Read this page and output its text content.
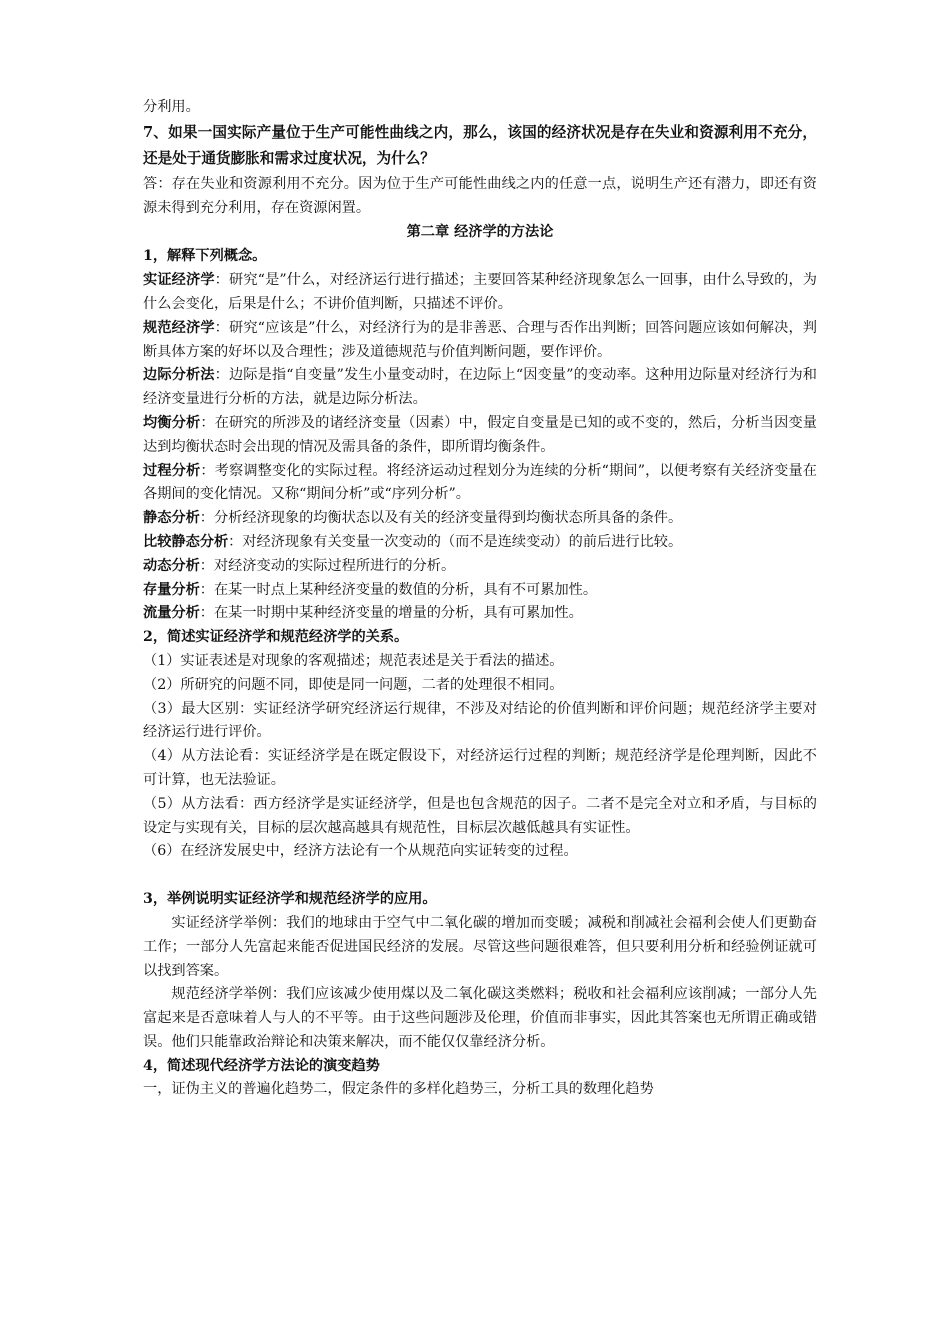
分利用。

7、如果一国实际产量位于生产可能性曲线之内，那么，该国的经济状况是存在失业和资源利用不充分，还是处于通货膨胀和需求过度状况，为什么？

答：存在失业和资源利用不充分。因为位于生产可能性曲线之内的任意一点，说明生产还有潜力，即还有资源未得到充分利用，存在资源闲置。

第二章 经济学的方法论

1，解释下列概念。

实证经济学：研究“是”什么，对经济运行进行描述；主要回答某种经济现象怎么一回事，由什么导致的，为什么会变化，后果是什么；不讲价值判断，只描述不评价。

规范经济学：研究“应该是”什么，对经济行为的是非善恶、合理与否作出判断；回答问题应该如何解决，判断具体方案的好坏以及合理性；涉及道德规范与价值判断问题，要作评价。

边际分析法：边际是指“自变量”发生小量变动时，在边际上“因变量”的变动率。这种用边际量对经济行为和经济变量进行分析的方法，就是边际分析法。

均衡分析：在研究的所涉及的诸经济变量（因素）中，假定自变量是已知的或不变的，然后，分析当因变量达到均衡状态时会出现的情况及需具备的条件，即所谓均衡条件。

过程分析：考察调整变化的实际过程。将经济运动过程划分为连续的分析“期间”，以便考察有关经济变量在各期间的变化情况。又称“期间分析”或“序列分析”。

静态分析：分析经济现象的均衡状态以及有关的经济变量得到均衡状态所具备的条件。

比较静态分析：对经济现象有关变量一次变动的（而不是连续变动）的前后进行比较。

动态分析：对经济变动的实际过程所进行的分析。

存量分析：在某一时点上某种经济变量的数值的分析，具有不可累加性。

流量分析：在某一时期中某种经济变量的增量的分析，具有可累加性。

2，简述实证经济学和规范经济学的关系。

（1）实证表述是对现象的客观描述；规范表述是关于看法的描述。

（2）所研究的问题不同，即使是同一问题，二者的处理很不相同。

（3）最大区别：实证经济学研究经济运行规律，不涉及对结论的价值判断和评价问题；规范经济学主要对经济运行进行评价。

（4）从方法论看：实证经济学是在既定假设下，对经济运行过程的判断；规范经济学是伦理判断，因此不可计算，也无法验证。

（5）从方法看：西方经济学是实证经济学，但是也包含规范的因子。二者不是完全对立和矛盾，与目标的设定与实现有关，目标的层次越高越具有规范性，目标层次越低越具有实证性。

（6）在经济发展史中，经济方法论有一个从规范向实证转变的过程。

3，举例说明实证经济学和规范经济学的应用。

实证经济学举例：我们的地球由于空气中二氧化碳的增加而变暖；减税和削减社会福利会使人们更勤奋工作；一部分人先富起来能否促进国民经济的发展。尽管这些问题很难答，但只要利用分析和经验例证就可以找到答案。

规范经济学举例：我们应该减少使用煤以及二氧化碳这类燃料；税收和社会福利应该削减；一部分人先富起来是否意味着人与人的不平等。由于这些问题涉及伦理，价值而非事实，因此其答案也无所谓正确或错误。他们只能靠政治辩论和决策来解决，而不能仅仅靠经济分析。

4，简述现代经济学方法论的演变趋势

一，证伪主义的普遍化趋势二，假定条件的多样化趋势三，分析工具的数理化趋势
